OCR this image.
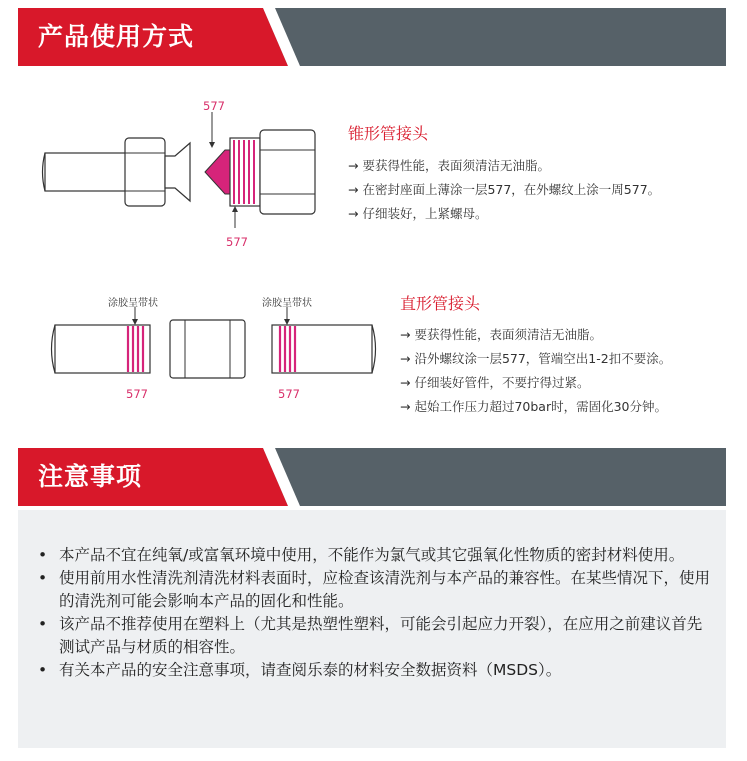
产品使用方式
577
577
锥形管接头
→ 要获得性能，表面须清洁无油脂。
→ 在密封座面上薄涂一层577，在外螺纹上涂一周577。
→ 仔细装好，上紧螺母。
涂胶呈带状	涂胶呈带状
577	577
直形管接头
→ 要获得性能，表面须清洁无油脂。
→ 沿外螺纹涂一层577，管端空出1-2扣不要涂。
→ 仔细装好管件，不要拧得过紧。
→ 起始工作压力超过70bar时，需固化30分钟。
注意事项
• 本产品不宜在纯氧/或富氧环境中使用，不能作为氯气或其它强氧化性物质的密封材料使用。
• 使用前用水性清洗剂清洗材料表面时，应检查该清洗剂与本产品的兼容性。在某些情况下，使用的清洗剂可能会影响本产品的固化和性能。
• 该产品不推荐使用在塑料上（尤其是热塑性塑料，可能会引起应力开裂），在应用之前建议首先测试产品与材质的相容性。
• 有关本产品的安全注意事项，请查阅乐泰的材料安全数据资料（MSDS）。
